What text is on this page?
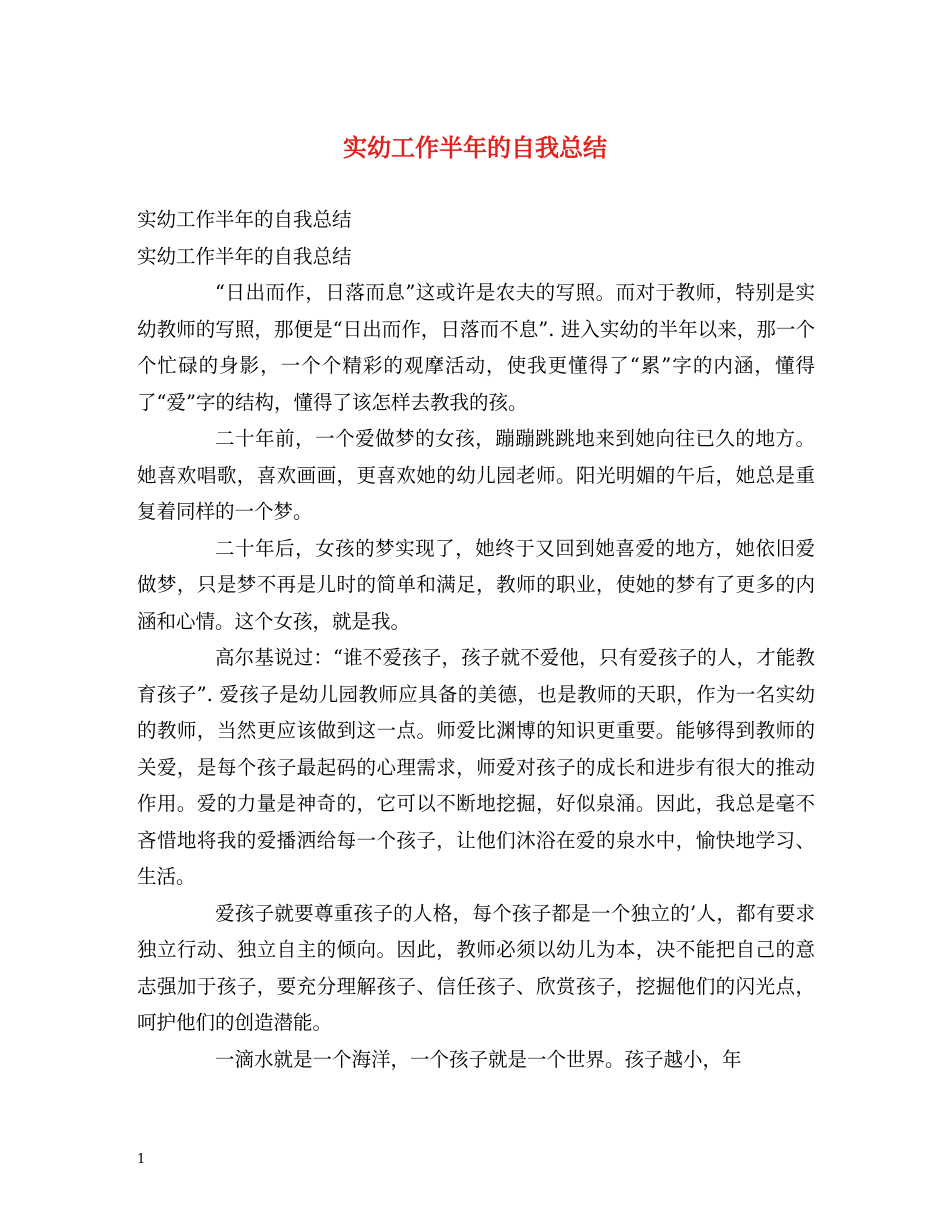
实幼工作半年的自我总结

实幼工作半年的自我总结

实幼工作半年的自我总结

“日出而作，日落而息”这或许是农夫的写照。而对于教师，特别是实幼教师的写照，那便是“日出而作，日落而不息”. 进入实幼的半年以来，那一个个忙碌的身影，一个个精彩的观摩活动，使我更懂得了“累”字的内涵，懂得了“爱”字的结构，懂得了该怎样去教我的孩。

二十年前，一个爱做梦的女孩，蹦蹦跳跳地来到她向往已久的地方。她喜欢唱歌，喜欢画画，更喜欢她的幼儿园老师。阳光明媚的午后，她总是重复着同样的一个梦。

二十年后，女孩的梦实现了，她终于又回到她喜爱的地方，她依旧爱做梦，只是梦不再是儿时的简单和满足，教师的职业，使她的梦有了更多的内涵和心情。这个女孩，就是我。

高尔基说过：“谁不爱孩子，孩子就不爱他，只有爱孩子的人，才能教育孩子”. 爱孩子是幼儿园教师应具备的美德，也是教师的天职，作为一名实幼的教师，当然更应该做到这一点。师爱比渊博的知识更重要。能够得到教师的关爱，是每个孩子最起码的心理需求，师爱对孩子的成长和进步有很大的推动作用。爱的力量是神奇的，它可以不断地挖掘，好似泉涌。因此，我总是毫不吝惜地将我的爱播洒给每一个孩子，让他们沐浴在爱的泉水中，愉快地学习、生活。

爱孩子就要尊重孩子的人格，每个孩子都是一个独立的’人，都有要求独立行动、独立自主的倾向。因此，教师必须以幼儿为本，决不能把自己的意志强加于孩子，要充分理解孩子、信任孩子、欣赏孩子，挖掘他们的闪光点，呵护他们的创造潜能。

一滴水就是一个海洋，一个孩子就是一个世界。孩子越小，年

1
